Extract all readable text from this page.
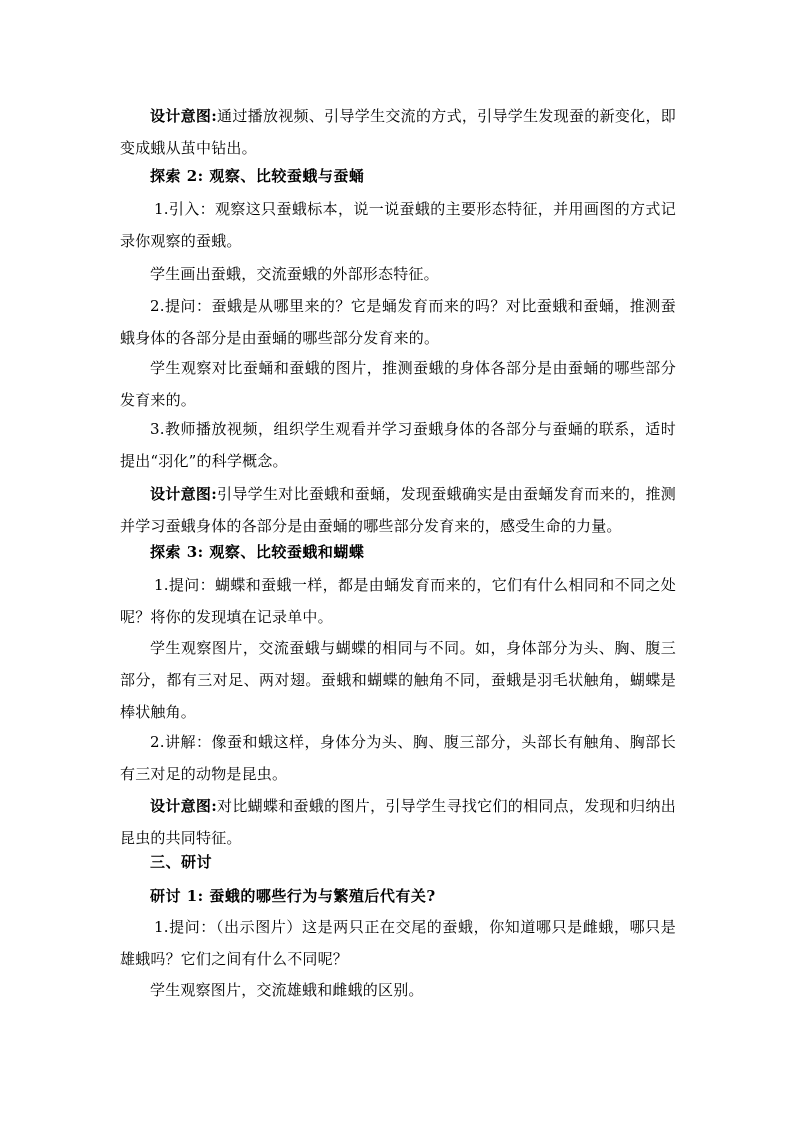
设计意图:通过播放视频、引导学生交流的方式，引导学生发现蚕的新变化，即变成蛾从茧中钻出。

探索 2: 观察、比较蚕蛾与蚕蛹

1.引入：观察这只蚕蛾标本，说一说蚕蛾的主要形态特征，并用画图的方式记录你观察的蚕蛾。

学生画出蚕蛾，交流蚕蛾的外部形态特征。

2.提问：蚕蛾是从哪里来的？它是蛹发育而来的吗？对比蚕蛾和蚕蛹，推测蚕蛾身体的各部分是由蚕蛹的哪些部分发育来的。

学生观察对比蚕蛹和蚕蛾的图片，推测蚕蛾的身体各部分是由蚕蛹的哪些部分发育来的。

3.教师播放视频，组织学生观看并学习蚕蛾身体的各部分与蚕蛹的联系，适时提出“羽化”的科学概念。

设计意图:引导学生对比蚕蛾和蚕蛹，发现蚕蛾确实是由蚕蛹发育而来的，推测并学习蚕蛾身体的各部分是由蚕蛹的哪些部分发育来的，感受生命的力量。

探索 3: 观察、比较蚕蛾和蝴蝶

1.提问：蝴蝶和蚕蛾一样，都是由蛹发育而来的，它们有什么相同和不同之处呢？将你的发现填在记录单中。

学生观察图片，交流蚕蛾与蝴蝶的相同与不同。如，身体部分为头、胸、腹三部分，都有三对足、两对翅。蚕蛾和蝴蝶的触角不同，蚕蛾是羽毛状触角，蝴蝶是棒状触角。

2.讲解：像蚕和蛾这样，身体分为头、胸、腹三部分，头部长有触角、胸部长有三对足的动物是昆虫。

设计意图:对比蝴蝶和蚕蛾的图片，引导学生寻找它们的相同点，发现和归纳出昆虫的共同特征。

三、研讨

研讨 1: 蚕蛾的哪些行为与繁殖后代有关?

1.提问：（出示图片）这是两只正在交尾的蚕蛾，你知道哪只是雌蛾，哪只是雄蛾吗？它们之间有什么不同呢？

学生观察图片，交流雄蛾和雌蛾的区别。
